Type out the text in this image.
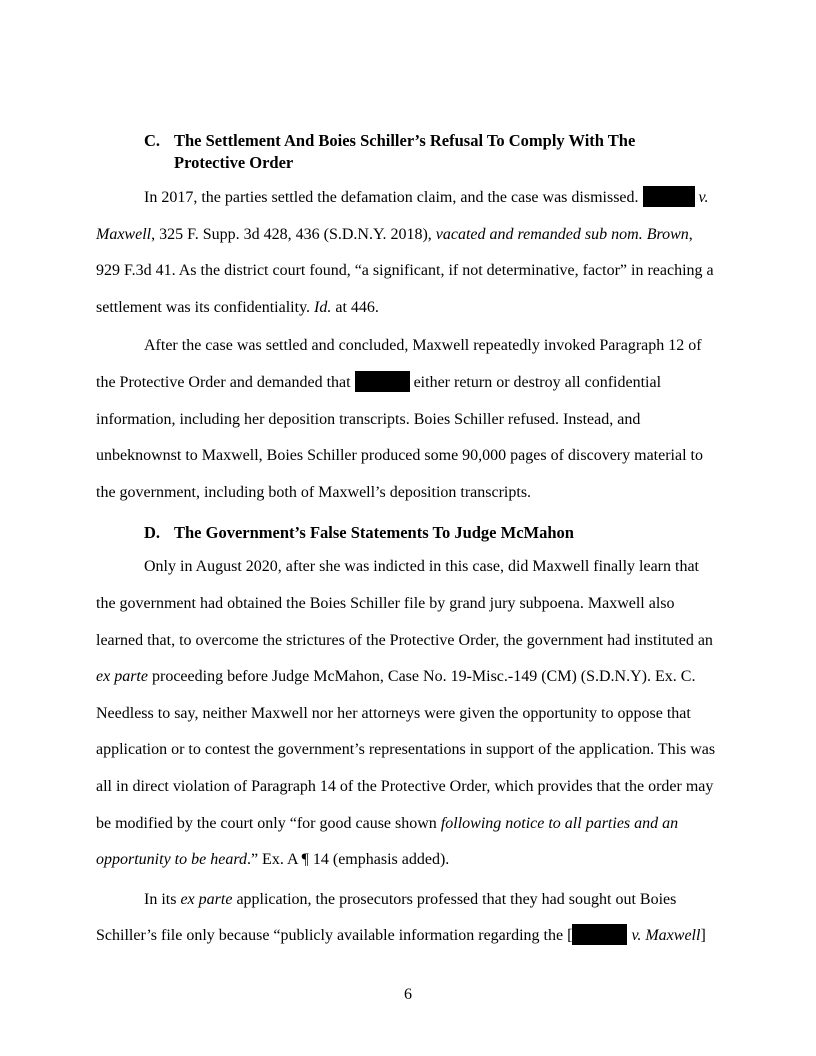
C. The Settlement And Boies Schiller’s Refusal To Comply With The
Protective Order

In 2017, the parties settled the defamation claim, and the case was dismissed.	v. Maxwell, 325 F. Supp. 3d 428, 436 (S.D.N.Y. 2018), vacated and remanded sub nom. Brown, 929 F.3d 41. As the district court found, “a significant, if not determinative, factor” in reaching a settlement was its confidentiality. Id. at 446.

After the case was settled and concluded, Maxwell repeatedly invoked Paragraph 12 of the Protective Order and demanded that	either return or destroy all confidential information, including her deposition transcripts. Boies Schiller refused. Instead, and unbeknownst to Maxwell, Boies Schiller produced some 90,000 pages of discovery material to the government, including both of Maxwell’s deposition transcripts.

D. The Government’s False Statements To Judge McMahon

Only in August 2020, after she was indicted in this case, did Maxwell finally learn that the government had obtained the Boies Schiller file by grand jury subpoena. Maxwell also learned that, to overcome the strictures of the Protective Order, the government had instituted an ex parte proceeding before Judge McMahon, Case No. 19-Misc.-149 (CM) (S.D.N.Y). Ex. C. Needless to say, neither Maxwell nor her attorneys were given the opportunity to oppose that application or to contest the government’s representations in support of the application. This was all in direct violation of Paragraph 14 of the Protective Order, which provides that the order may be modified by the court only “for good cause shown following notice to all parties and an opportunity to be heard.” Ex. A ¶ 14 (emphasis added).

In its ex parte application, the prosecutors professed that they had sought out Boies Schiller’s file only because “publicly available information regarding the [	v. Maxwell]

6
